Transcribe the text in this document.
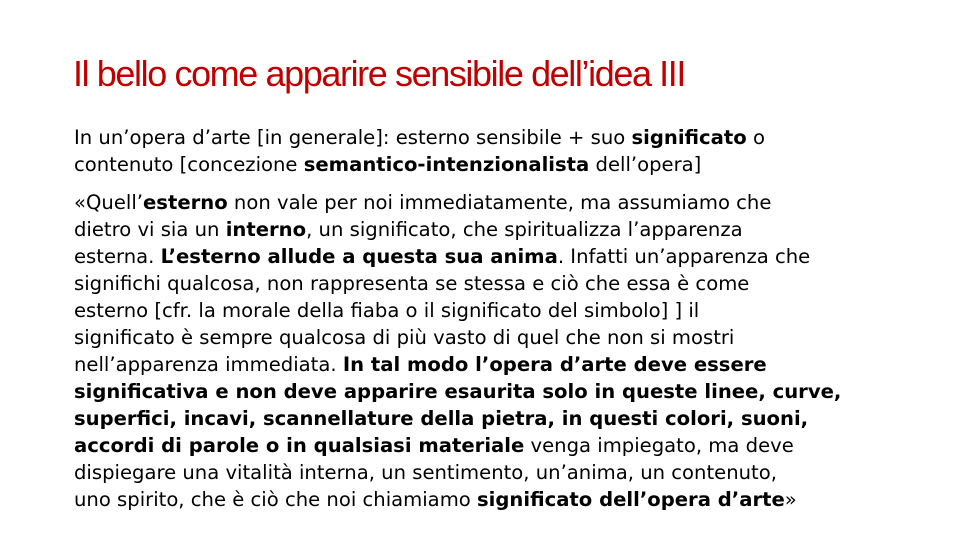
Il bello come apparire sensibile dell’idea III

In un’opera d’arte [in generale]: esterno sensibile + suo significato o
contenuto [concezione semantico-intenzionalista dell’opera]

«Quell’esterno non vale per noi immediatamente, ma assumiamo che
dietro vi sia un interno, un significato, che spiritualizza l’apparenza
esterna. L’esterno allude a questa sua anima. Infatti un’apparenza che
significhi qualcosa, non rappresenta se stessa e ciò che essa è come
esterno [cfr. la morale della fiaba o il significato del simbolo] ] il
significato è sempre qualcosa di più vasto di quel che non si mostri
nell’apparenza immediata. In tal modo l’opera d’arte deve essere
significativa e non deve apparire esaurita solo in queste linee, curve,
superfici, incavi, scannellature della pietra, in questi colori, suoni,
accordi di parole o in qualsiasi materiale venga impiegato, ma deve
dispiegare una vitalità interna, un sentimento, un’anima, un contenuto,
uno spirito, che è ciò che noi chiamiamo significato dell’opera d’arte»
